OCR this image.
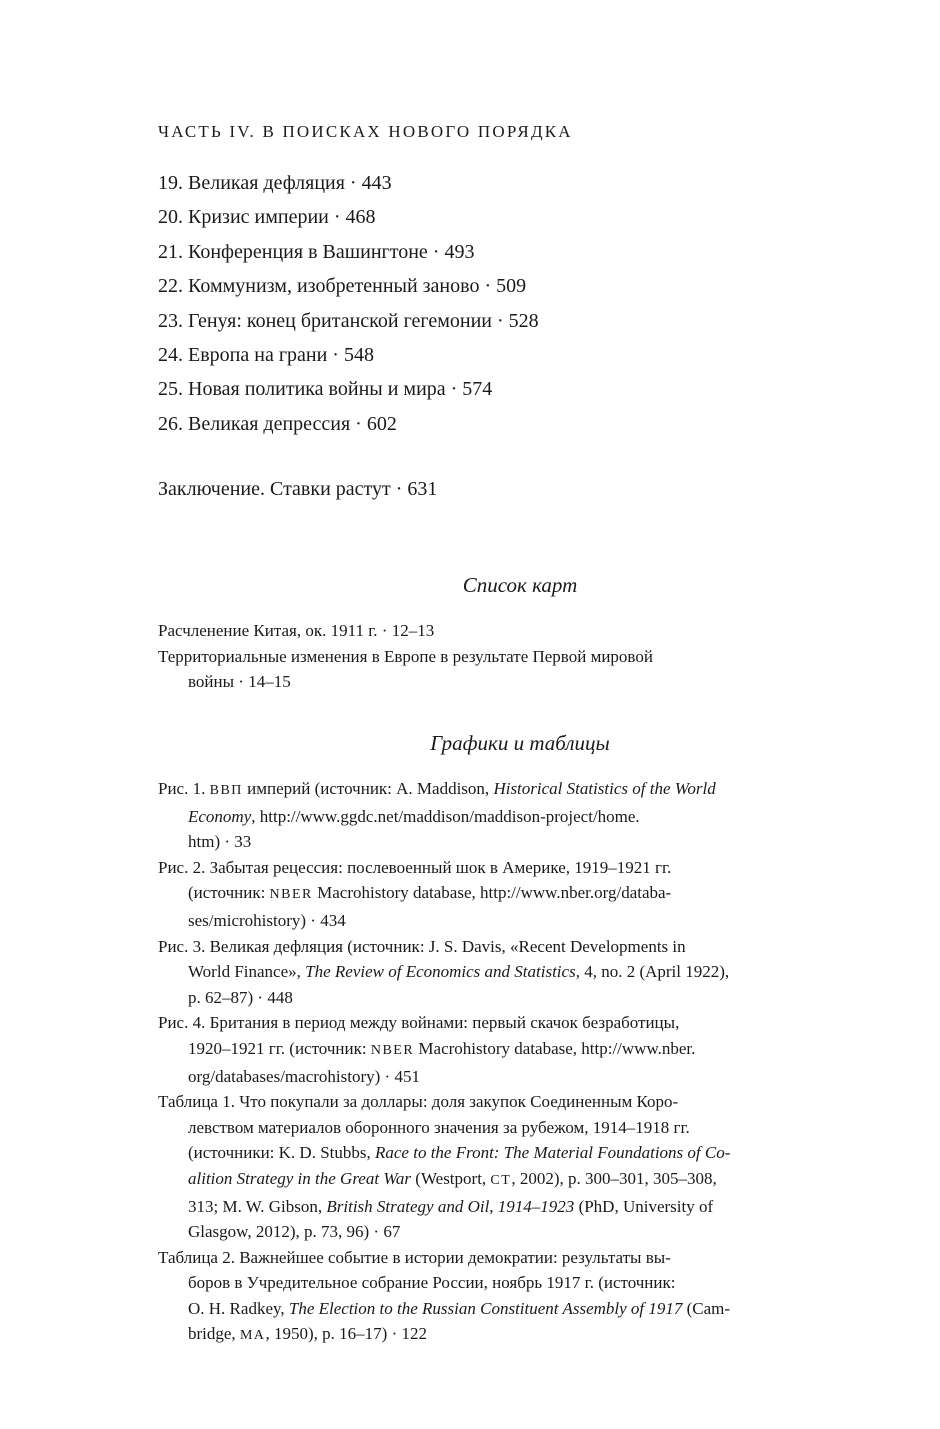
ЧАСТЬ IV. В ПОИСКАХ НОВОГО ПОРЯДКА
19. Великая дефляция · 443
20. Кризис империи · 468
21. Конференция в Вашингтоне · 493
22. Коммунизм, изобретенный заново · 509
23. Генуя: конец британской гегемонии · 528
24. Европа на грани · 548
25. Новая политика войны и мира · 574
26. Великая депрессия · 602
Заключение. Ставки растут · 631
Список карт
Расчленение Китая, ок. 1911 г. · 12–13
Территориальные изменения в Европе в результате Первой мировой
войны · 14–15
Графики и таблицы
Рис. 1. ВВП империй (источник: A. Maddison, Historical Statistics of the World
Economy, http://www.ggdc.net/maddison/maddison-project/home.
htm) · 33
Рис. 2. Забытая рецессия: послевоенный шок в Америке, 1919–1921 гг.
(источник: NBER Macrohistory database, http://www.nber.org/databa-
ses/microhistory) · 434
Рис. 3. Великая дефляция (источник: J. S. Davis, «Recent Developments in
World Finance», The Review of Economics and Statistics, 4, no. 2 (April 1922),
p. 62–87) · 448
Рис. 4. Британия в период между войнами: первый скачок безработицы,
1920–1921 гг. (источник: NBER Macrohistory database, http://www.nber.
org/databases/macrohistory) · 451
Таблица 1. Что покупали за доллары: доля закупок Соединенным Коро-
левством материалов оборонного значения за рубежом, 1914–1918 гг.
(источники: K. D. Stubbs, Race to the Front: The Material Foundations of Co-
alition Strategy in the Great War (Westport, CT, 2002), p. 300–301, 305–308,
313; M. W. Gibson, British Strategy and Oil, 1914–1923 (PhD, University of
Glasgow, 2012), p. 73, 96) · 67
Таблица 2. Важнейшее событие в истории демократии: результаты вы-
боров в Учредительное собрание России, ноябрь 1917 г. (источник:
O. H. Radkey, The Election to the Russian Constituent Assembly of 1917 (Cam-
bridge, MA, 1950), p. 16–17) · 122
